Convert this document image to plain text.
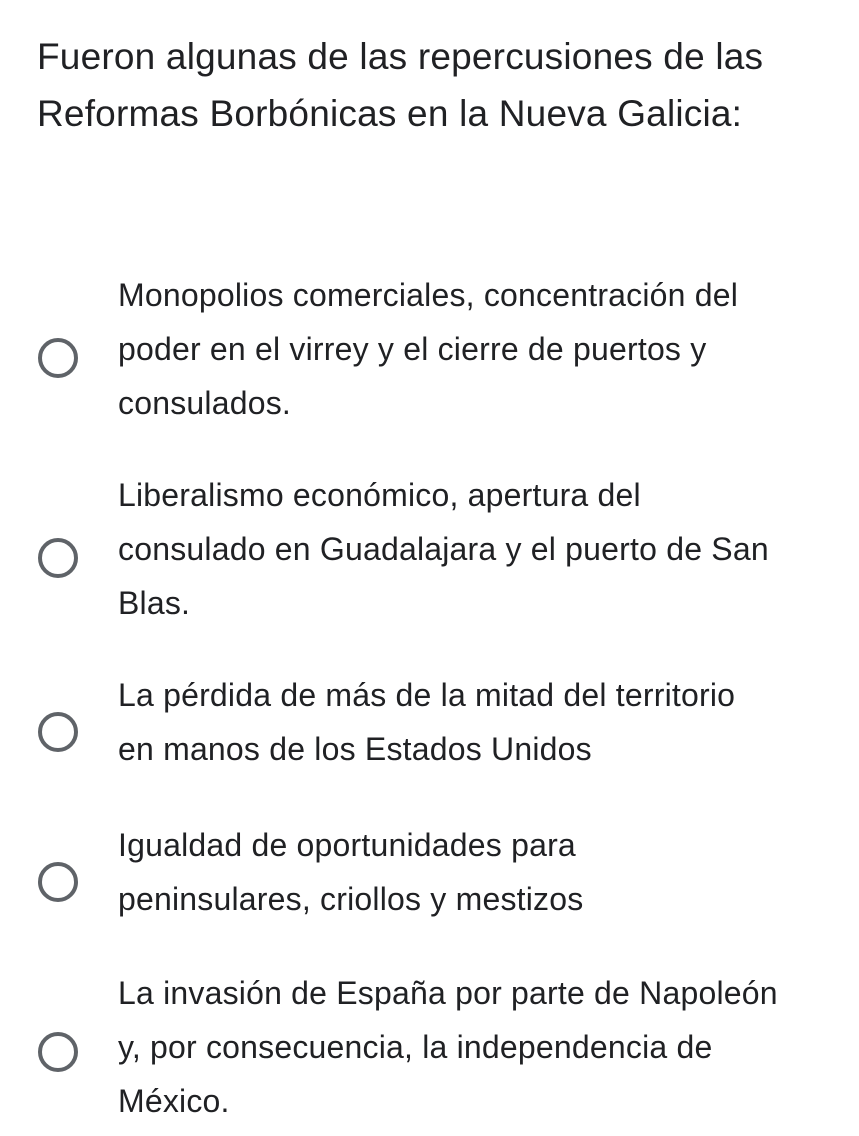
Fueron algunas de las repercusiones de las Reformas Borbónicas en la Nueva Galicia:
Monopolios comerciales, concentración del
poder en el virrey y el cierre de puertos y
consulados.
Liberalismo económico, apertura del
consulado en Guadalajara y el puerto de San
Blas.
La pérdida de más de la mitad del territorio
en manos de los Estados Unidos
Igualdad de oportunidades para
peninsulares, criollos y mestizos
La invasión de España por parte de Napoleón
y, por consecuencia, la independencia de
México.
